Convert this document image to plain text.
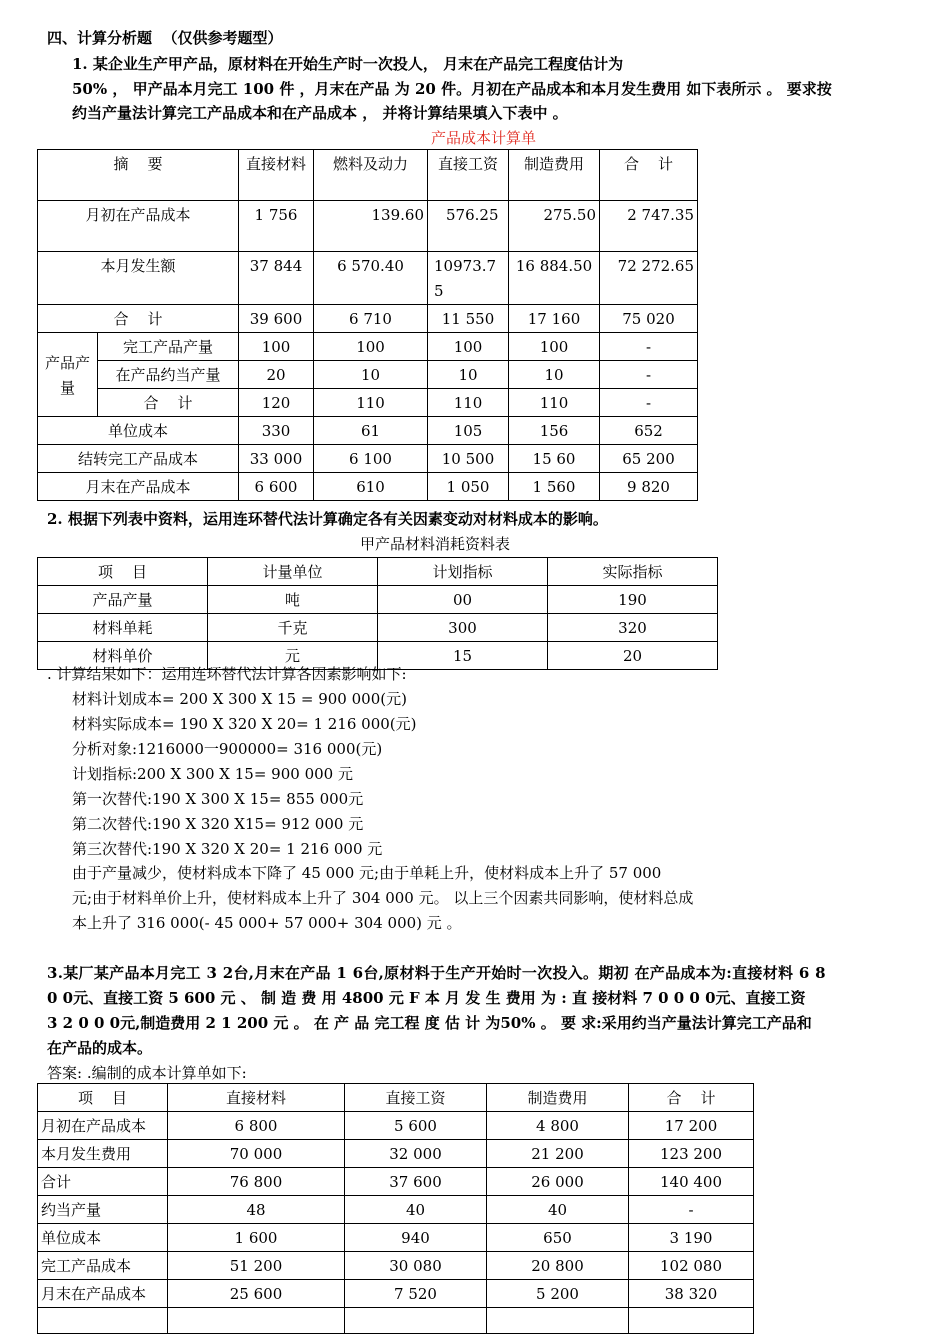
四、计算分析题  （仅供参考题型）
1. 某企业生产甲产品，原材料在开始生产时一次投人， 月末在产品完工程度估计为
50% ， 甲产品本月完工 100 件 ，月末在产品 为 20 件。月初在产品成本和本月发生费用 如下表所示 。 要求按
约当产量法计算完工产品成本和在产品成本 ， 并将计算结果填入下表中 。
产品成本计算单
摘    要		直接材料	燃料及动力	直接工资	制造费用	合    计
月初在产品成本		1 756	139.60	576.25	275.50	2 747.35
本月发生额		37 844	6 570.40	10973.75	16 884.50	72 272.65
合    计		39 600	6 710	11 550	17 160	75 020
产品产量	完工产品产量	100	100	100	100	-
	在产品约当产量	20	10	10	10	-
	合    计	120	110	110	110	-
单位成本		330	61	105	156	652
结转完工产品成本		33 000	6 100	10 500	15 60	65 200
月末在产品成本		6 600	610	1 050	1 560	9 820
2. 根据下列表中资料，运用连环替代法计算确定各有关因素变动对材料成本的影响。
甲产品材料消耗资料表
项    目	计量单位	计划指标	实际指标
产品产量	吨	00	190
材料单耗	千克	300	320
材料单价	元	15	20
. 计算结果如下：运用连环替代法计算各因素影响如下:
材料计划成本= 200 X 300 X 15 = 900 000(元)
材料实际成本= 190 X 320 X 20= 1 216 000(元)
分析对象:1216000一900000= 316 000(元)
计划指标:200 X 300 X 15= 900 000 元
第一次替代:190 X 300 X 15= 855 000元
第二次替代:190 X 320 X15= 912 000 元
第三次替代:190 X 320 X 20= 1 216 000 元
由于产量减少，使材料成本下降了 45 000 元;由于单耗上升，使材料成本上升了 57 000
元;由于材料单价上升，使材料成本上升了 304 000 元。 以上三个因素共同影响，使材料总成
本上升了 316 000(- 45 000+ 57 000+ 304 000) 元 。
3.某厂某产品本月完工 3 2台,月末在产品 1 6台,原材料于生产开始时一次投入。期初 在产品成本为:直接材料 6 8
0 0元、直接工资 5 600 元 、 制 造 费 用 4800 元 F 本 月 发 生 费用 为 : 直 接材料 7 0 0 0 0元、直接工资
3 2 0 0 0元,制造费用 2 1 200 元 。 在 产 品 完工程 度 估 计 为50% 。 要 求:采用约当产量法计算完工产品和
在产品的成本。
答案: .编制的成本计算单如下:
项    目	直接材料	直接工资	制造费用	合    计
月初在产品成本	6 800	5 600	4 800	17 200
本月发生费用	70 000	32 000	21 200	123 200
合计	76 800	37 600	26 000	140 400
约当产量	48	40	40	-
单位成本	1 600	940	650	3 190
完工产品成本	51 200	30 080	20 800	102 080
月末在产品成本	25 600	7 520	5 200	38 320
